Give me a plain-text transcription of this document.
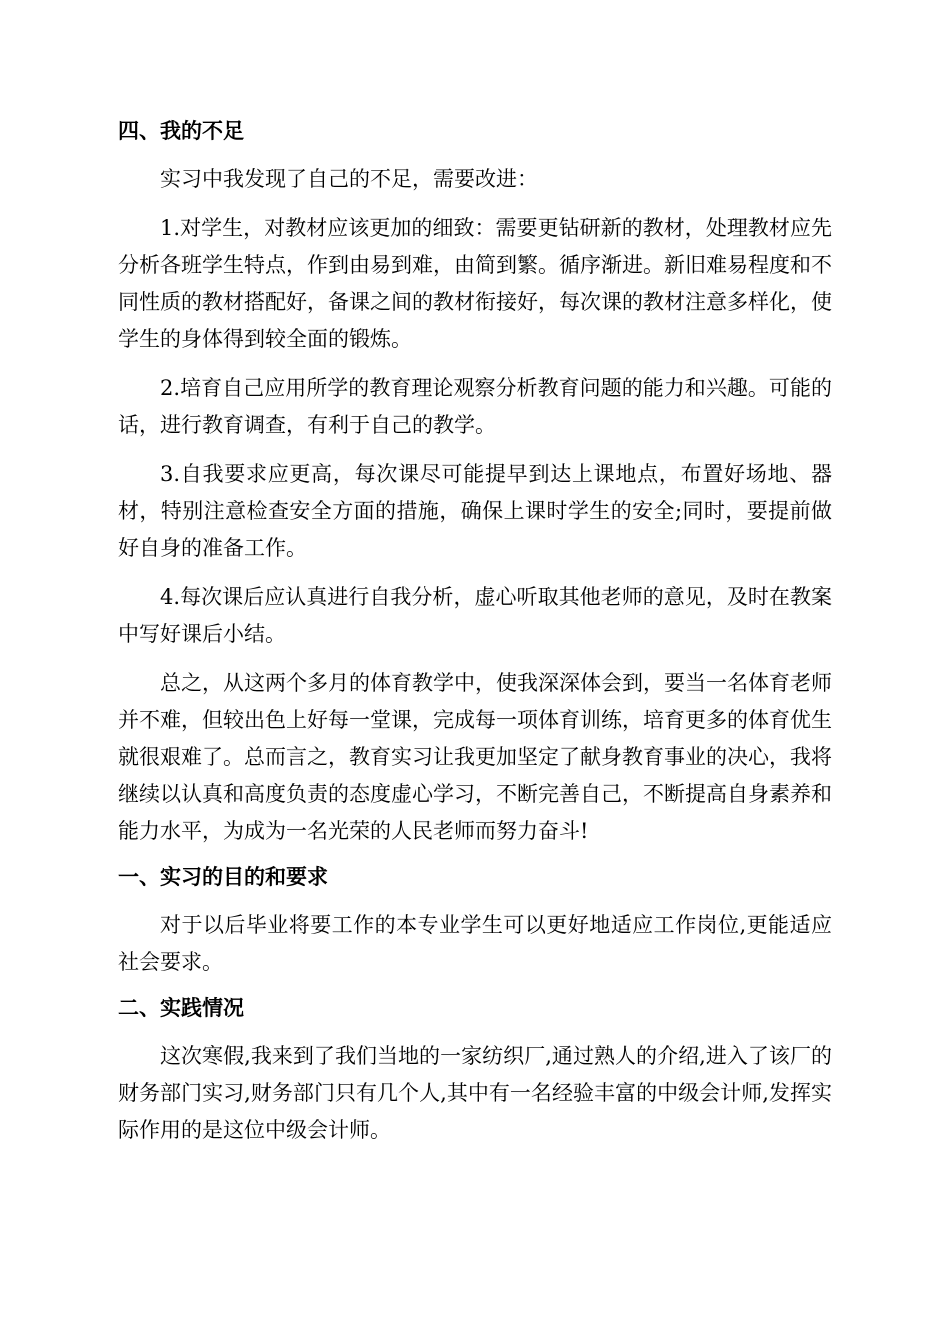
四、我的不足

实习中我发现了自己的不足，需要改进：

1.对学生，对教材应该更加的细致：需要更钻研新的教材，处理教材应先分析各班学生特点，作到由易到难，由简到繁。循序渐进。新旧难易程度和不同性质的教材搭配好，备课之间的教材衔接好，每次课的教材注意多样化，使学生的身体得到较全面的锻炼。

2.培育自己应用所学的教育理论观察分析教育问题的能力和兴趣。可能的话，进行教育调查，有利于自己的教学。

3.自我要求应更高，每次课尽可能提早到达上课地点，布置好场地、器材，特别注意检查安全方面的措施，确保上课时学生的安全;同时，要提前做好自身的准备工作。

4.每次课后应认真进行自我分析，虚心听取其他老师的意见，及时在教案中写好课后小结。

总之，从这两个多月的体育教学中，使我深深体会到，要当一名体育老师并不难，但较出色上好每一堂课，完成每一项体育训练，培育更多的体育优生就很艰难了。总而言之，教育实习让我更加坚定了献身教育事业的决心，我将继续以认真和高度负责的态度虚心学习，不断完善自己，不断提高自身素养和能力水平，为成为一名光荣的人民老师而努力奋斗!

一、实习的目的和要求

对于以后毕业将要工作的本专业学生可以更好地适应工作岗位,更能适应社会要求。

二、实践情况

这次寒假,我来到了我们当地的一家纺织厂,通过熟人的介绍,进入了该厂的财务部门实习,财务部门只有几个人,其中有一名经验丰富的中级会计师,发挥实际作用的是这位中级会计师。
